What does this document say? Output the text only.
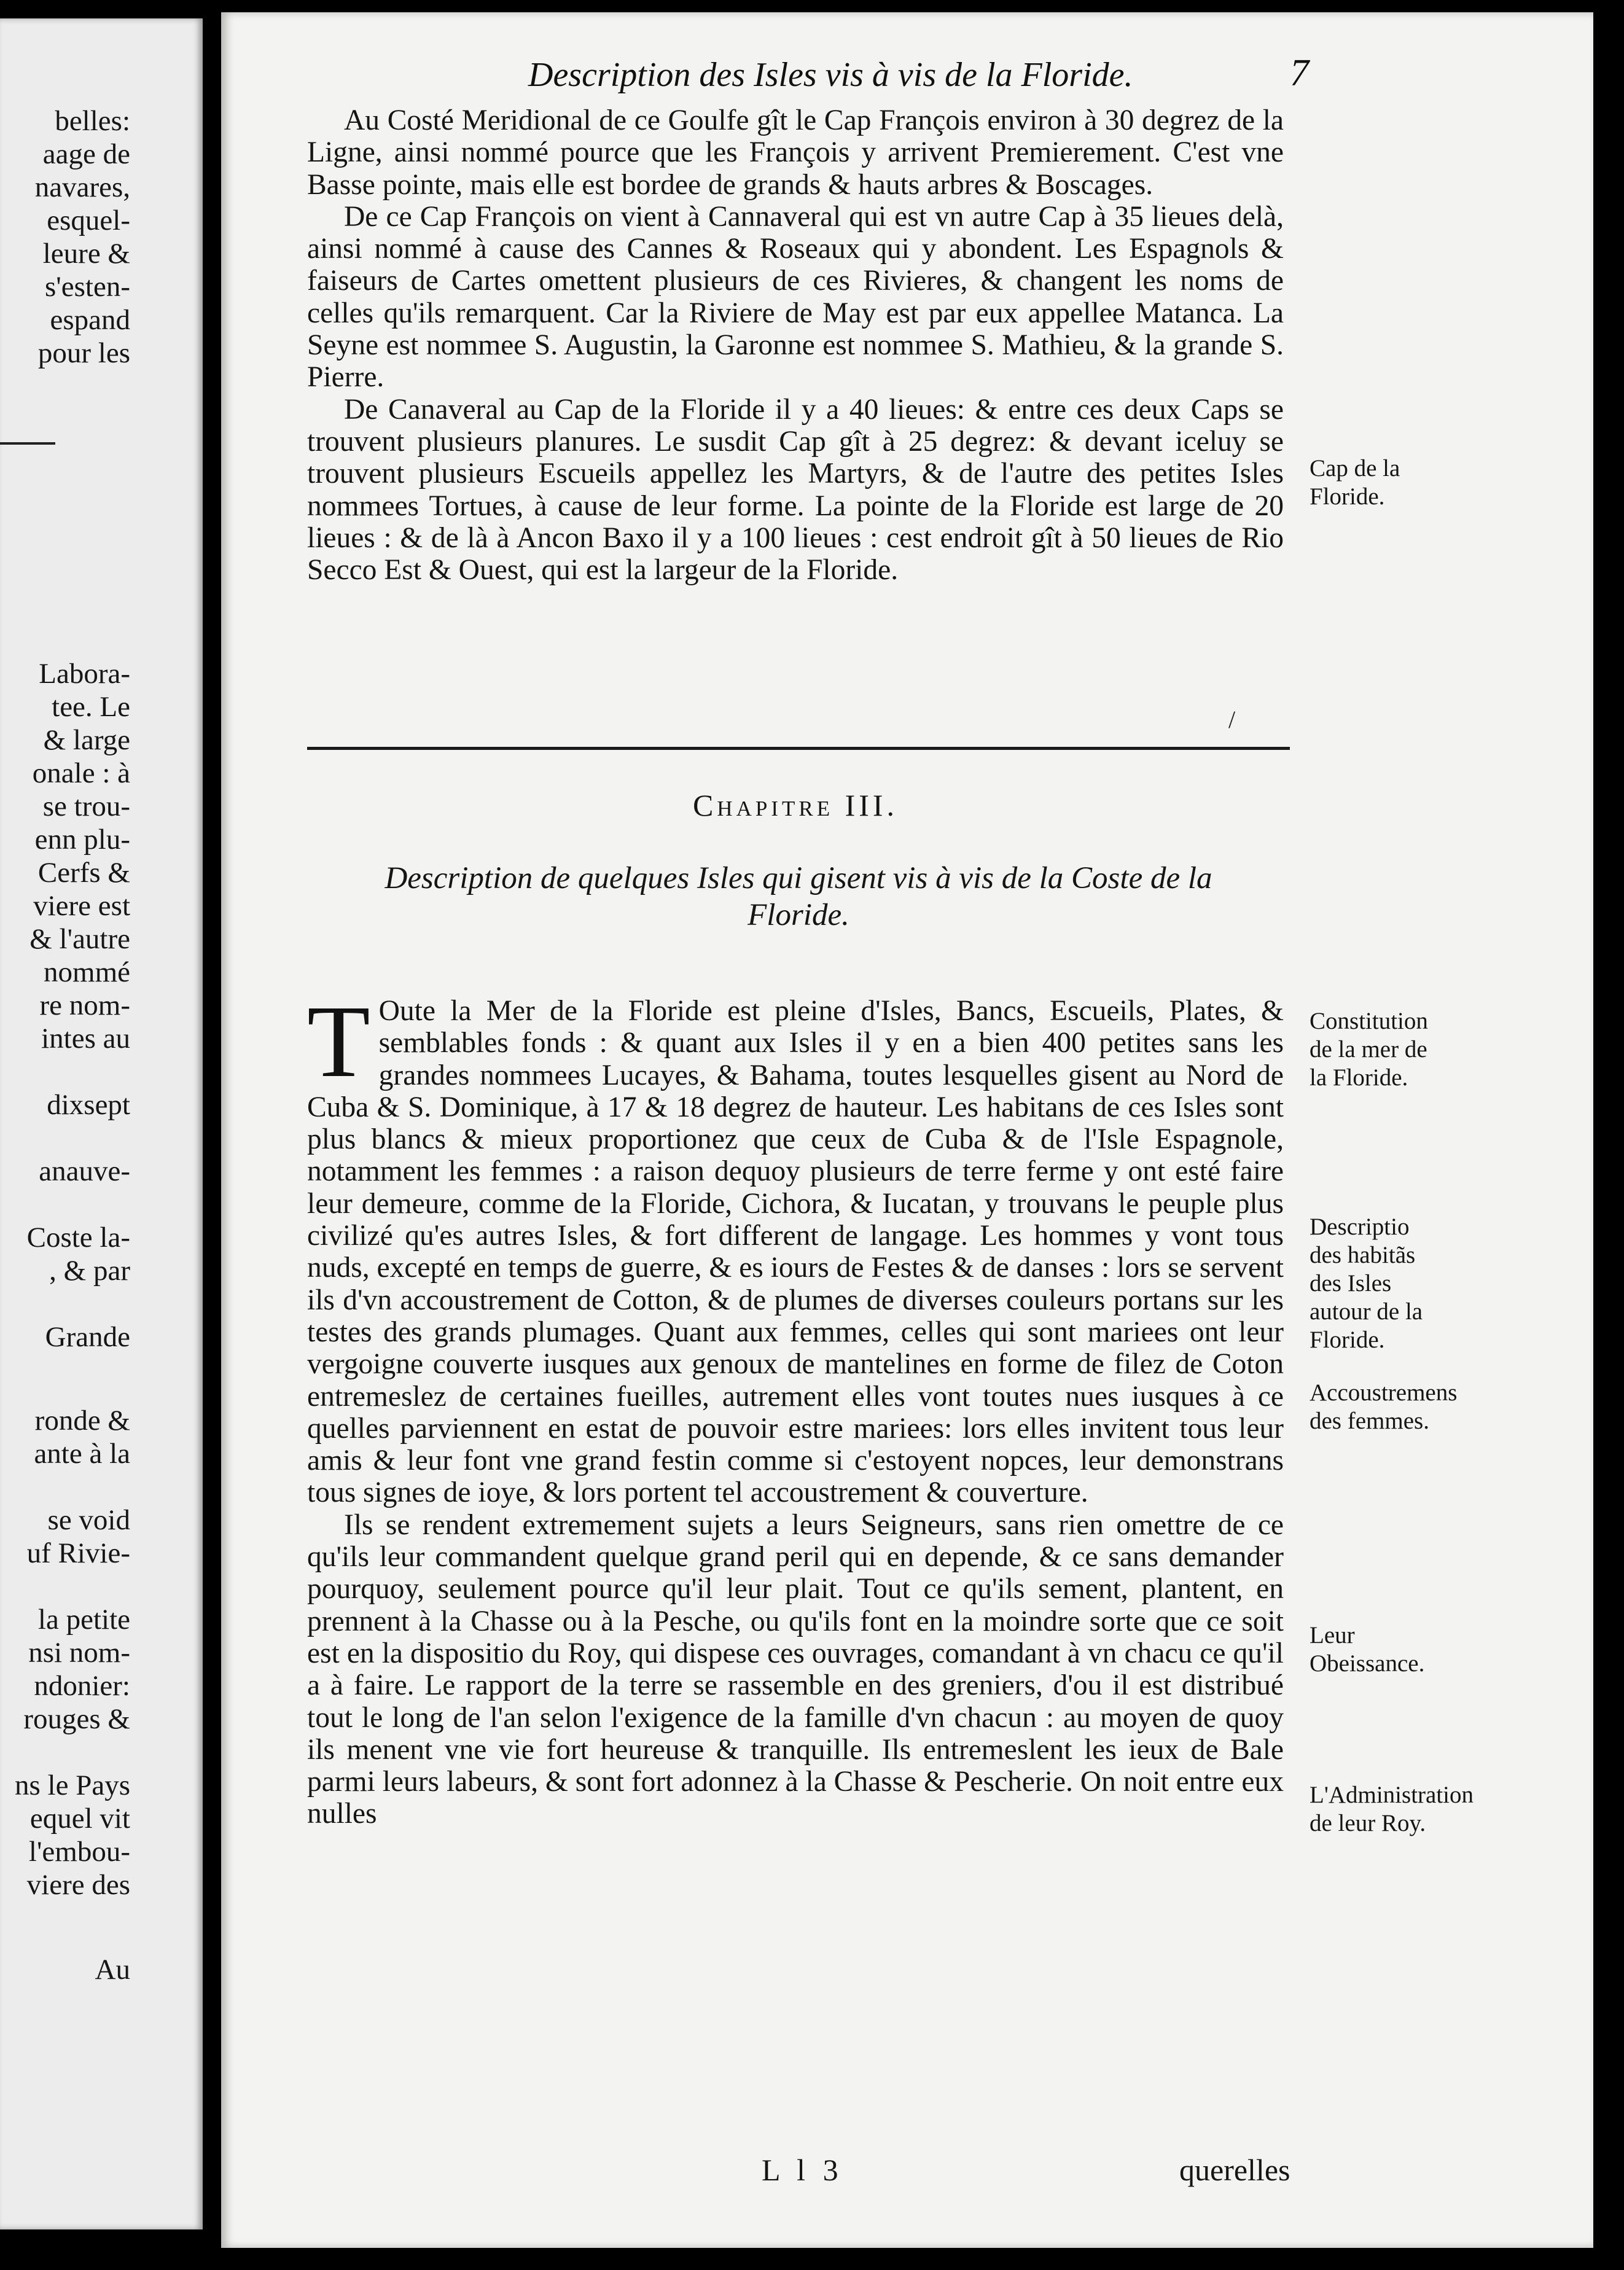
belles:
aage de
navares,
esquel-
leure &
s'esten-
espand
pour les
Labora-
tee. Le
& large
onale : à
se trou-
enn plu-
Cerfs &
viere est
& l'autre
nommé
re nom-
intes au
dixsept
anauve-
Coste la-
, & par
Grande
ronde &
ante à la
se void
uf Rivie-
la petite
nsi nom-
ndonier:
rouges &
ns le Pays
equel vit
l'embou-
viere des
Au
Description des Isles vis à vis de la Floride.	7

Au Costé Meridional de ce Goulfe gît le Cap François environ à 30 degrez de la Ligne, ainsi nommé pource que les François y arrivent Premierement. C'est vne Basse pointe, mais elle est bordee de grands & hauts arbres & Boscages.

De ce Cap François on vient à Cannaveral qui est vn autre Cap à 35 lieues delà, ainsi nommé à cause des Cannes & Roseaux qui y abondent. Les Espagnols & faiseurs de Cartes omettent plusieurs de ces Rivieres, & changent les noms de celles qu'ils remarquent. Car la Riviere de May est par eux appellee Matanca. La Seyne est nommee S. Augustin, la Garonne est nommee S. Mathieu, & la grande S. Pierre.

De Canaveral au Cap de la Floride il y a 40 lieues: & entre ces deux Caps se trouvent plusieurs planures. Le susdit Cap gît à 25 degrez: & devant iceluy se trouvent plusieurs Escueils appellez les Martyrs, & de l'autre des petites Isles nommees Tortues, à cause de leur forme. La pointe de la Floride est large de 20 lieues : & de là à Ancon Baxo il y a 100 lieues : cest endroit gît à 50 lieues de Rio Secco Est & Ouest, qui est la largeur de la Floride.

/
Chapitre III.
Description de quelques Isles qui gisent vis à vis de la Coste de la Floride.

T Oute la Mer de la Floride est pleine d'Isles, Bancs, Escueils, Plates, & semblables fonds : & quant aux Isles il y en a bien 400 petites sans les grandes nommees Lucayes, & Bahama, toutes lesquelles gisent au Nord de Cuba & S. Dominique, à 17 & 18 degrez de hauteur. Les habitans de ces Isles sont plus blancs & mieux proportionez que ceux de Cuba & de l'Isle Espagnole, notamment les femmes : a raison dequoy plusieurs de terre ferme y ont esté faire leur demeure, comme de la Floride, Cichora, & Iucatan, y trouvans le peuple plus civilizé qu'es autres Isles, & fort different de langage. Les hommes y vont tous nuds, excepté en temps de guerre, & es iours de Festes & de danses : lors se servent ils d'vn accoustrement de Cotton, & de plumes de diverses couleurs portans sur les testes des grands plumages. Quant aux femmes, celles qui sont mariees ont leur vergoigne couverte iusques aux genoux de mantelines en forme de filez de Coton entremeslez de certaines fueilles, autrement elles vont toutes nues iusques à ce quelles parviennent en estat de pouvoir estre mariees: lors elles invitent tous leur amis & leur font vne grand festin comme si c'estoyent nopces, leur demonstrans tous signes de ioye, & lors portent tel accoustrement & couverture.

Ils se rendent extremement sujets a leurs Seigneurs, sans rien omettre de ce qu'ils leur commandent quelque grand peril qui en depende, & ce sans demander pourquoy, seulement pource qu'il leur plait. Tout ce qu'ils sement, plantent, en prennent à la Chasse ou à la Pesche, ou qu'ils font en la moindre sorte que ce soit est en la dispositio du Roy, qui dispese ces ouvrages, comandant à vn chacu ce qu'il a à faire. Le rapport de la terre se rassemble en des greniers, d'ou il est distribué tout le long de l'an selon l'exigence de la famille d'vn chacun : au moyen de quoy ils menent vne vie fort heureuse & tranquille. Ils entremeslent les ieux de Bale parmi leurs labeurs, & sont fort adonnez à la Chasse & Pescherie. On noit entre eux nulles

Cap de la Floride.
Constitution de la mer de la Floride.
Descriptio des habitãs des Isles autour de la Floride.
Accoustremens des femmes.
Leur Obeissance.
L'Administration de leur Roy.
L l 3	querelles
